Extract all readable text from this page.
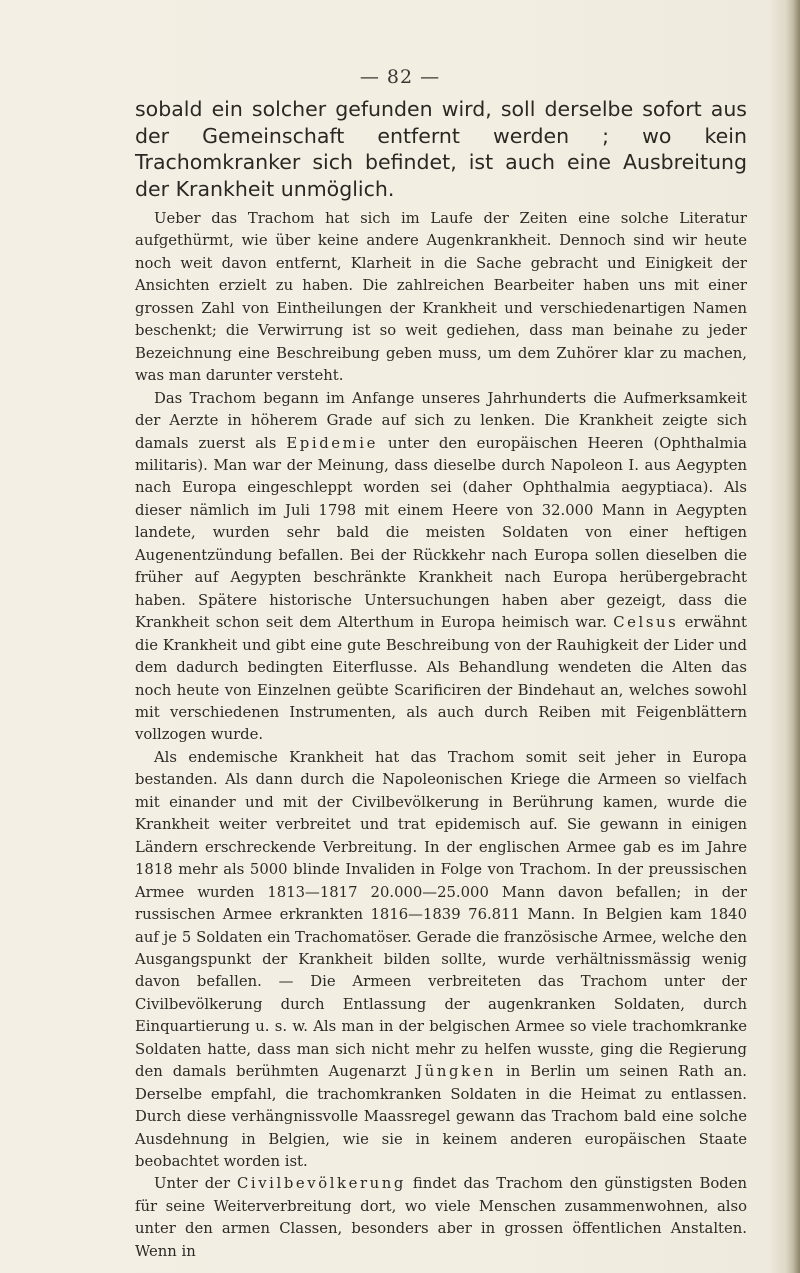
— 82 —

sobald ein solcher gefunden wird, soll derselbe sofort aus der Gemeinschaft entfernt werden ; wo kein Trachomkranker sich befindet, ist auch eine Ausbreitung der Krankheit unmöglich.

Ueber das Trachom hat sich im Laufe der Zeiten eine solche Literatur aufgethürmt, wie über keine andere Augenkrankheit. Dennoch sind wir heute noch weit davon entfernt, Klarheit in die Sache gebracht und Einigkeit der Ansichten erzielt zu haben. Die zahlreichen Bearbeiter haben uns mit einer grossen Zahl von Eintheilungen der Krankheit und verschiedenartigen Namen beschenkt; die Verwirrung ist so weit gediehen, dass man beinahe zu jeder Bezeichnung eine Beschreibung geben muss, um dem Zuhörer klar zu machen, was man darunter versteht.

Das Trachom begann im Anfange unseres Jahrhunderts die Aufmerksamkeit der Aerzte in höherem Grade auf sich zu lenken. Die Krankheit zeigte sich damals zuerst als Epidemie unter den europäischen Heeren (Ophthalmia militaris). Man war der Meinung, dass dieselbe durch Napoleon I. aus Aegypten nach Europa eingeschleppt worden sei (daher Ophthalmia aegyptiaca). Als dieser nämlich im Juli 1798 mit einem Heere von 32.000 Mann in Aegypten landete, wurden sehr bald die meisten Soldaten von einer heftigen Augenentzündung befallen. Bei der Rückkehr nach Europa sollen dieselben die früher auf Aegypten beschränkte Krankheit nach Europa herübergebracht haben. Spätere historische Untersuchungen haben aber gezeigt, dass die Krankheit schon seit dem Alterthum in Europa heimisch war. Celsus erwähnt die Krankheit und gibt eine gute Beschreibung von der Rauhigkeit der Lider und dem dadurch bedingten Eiterflusse. Als Behandlung wendeten die Alten das noch heute von Einzelnen geübte Scarificiren der Bindehaut an, welches sowohl mit verschiedenen Instrumenten, als auch durch Reiben mit Feigenblättern vollzogen wurde.

Als endemische Krankheit hat das Trachom somit seit jeher in Europa bestanden. Als dann durch die Napoleonischen Kriege die Armeen so vielfach mit einander und mit der Civilbevölkerung in Berührung kamen, wurde die Krankheit weiter verbreitet und trat epidemisch auf. Sie gewann in einigen Ländern erschreckende Verbreitung. In der englischen Armee gab es im Jahre 1818 mehr als 5000 blinde Invaliden in Folge von Trachom. In der preussischen Armee wurden 1813—1817 20.000—25.000 Mann davon befallen; in der russischen Armee erkrankten 1816—1839 76.811 Mann. In Belgien kam 1840 auf je 5 Soldaten ein Trachomatöser. Gerade die französische Armee, welche den Ausgangspunkt der Krankheit bilden sollte, wurde verhältnissmässig wenig davon befallen. — Die Armeen verbreiteten das Trachom unter der Civilbevölkerung durch Entlassung der augenkranken Soldaten, durch Einquartierung u. s. w. Als man in der belgischen Armee so viele trachomkranke Soldaten hatte, dass man sich nicht mehr zu helfen wusste, ging die Regierung den damals berühmten Augenarzt Jüngken in Berlin um seinen Rath an. Derselbe empfahl, die trachomkranken Soldaten in die Heimat zu entlassen. Durch diese verhängnissvolle Maassregel gewann das Trachom bald eine solche Ausdehnung in Belgien, wie sie in keinem anderen europäischen Staate beobachtet worden ist.

Unter der Civilbevölkerung findet das Trachom den günstigsten Boden für seine Weiterverbreitung dort, wo viele Menschen zusammenwohnen, also unter den armen Classen, besonders aber in grossen öffentlichen Anstalten. Wenn in
